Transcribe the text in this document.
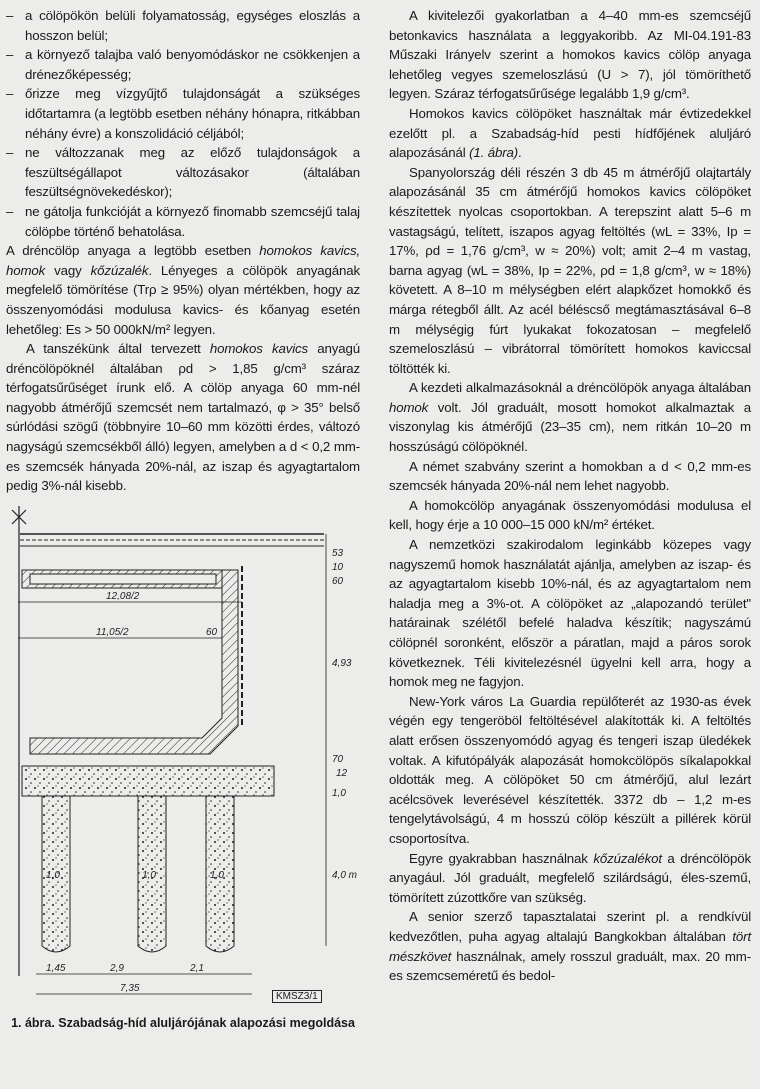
– a cölöpökön belüli folyamatosság, egységes eloszlás a hosszon belül;

– a környező talajba való benyomódáskor ne csökkenjen a drénezőképesség;

– őrizze meg vízgyűjtő tulajdonságát a szükséges időtartamra (a legtöbb esetben néhány hónapra, ritkábban néhány évre) a konszolidáció céljából;

– ne változzanak meg az előző tulajdonságok a feszültségállapot változásakor (általában feszültségnövekedéskor);

– ne gátolja funkcióját a környező finomabb szemcséjű talaj cölöpbe történő behatolása.

A dréncölöp anyaga a legtöbb esetben homokos kavics, homok vagy kőzúzalék. Lényeges a cölöpök anyagának megfelelő tömörítése (Trρ ≥ 95%) olyan mértékben, hogy az összenyomódási modulusa kavics- és kőanyag esetén lehetőleg: Es > 50 000kN/m² legyen.

A tanszékünk által tervezett homokos kavics anyagú dréncölöpöknél általában ρd > 1,85 g/cm³ száraz térfogatsűrűséget írunk elő. A cölöp anyaga 60 mm-nél nagyobb átmérőjű szemcsét nem tartalmazó, φ > 35° belső súrlódási szögű (többnyire 10–60 mm közötti érdes, változó nagyságú szemcsékből álló) legyen, amelyben a d < 0,2 mm-es szemcsék hányada 20%-nál, az iszap és agyagtartalom pedig 3%-nál kisebb.

53
10
60
12,08/2
11,05/2	60
4,93
70
12
1,0
1,0	1,0	1,0	4,0 m
1,45	2,9	2,1
7,35
KMSZ3/1
1. ábra. Szabadság-híd aluljárójának alapozási megoldása

A kivitelezői gyakorlatban a 4–40 mm-es szemcséjű betonkavics használata a leggyakoribb. Az MI-04.191-83 Műszaki Irányelv szerint a homokos kavics cölöp anyaga lehetőleg vegyes szemeloszlású (U > 7), jól tömöríthető legyen. Száraz térfogatsűrűsége legalább 1,9 g/cm³.

Homokos kavics cölöpöket használtak már évtizedekkel ezelőtt pl. a Szabadság-híd pesti hídfőjének aluljáró alapozásánál (1. ábra).

Spanyolország déli részén 3 db 45 m átmérőjű olajtartály alapozásánál 35 cm átmérőjű homokos kavics cölöpöket készítettek nyolcas csoportokban. A terepszint alatt 5–6 m vastagságú, telített, iszapos agyag feltöltés (wL = 33%, Ip = 17%, ρd = 1,76 g/cm³, w ≈ 20%) volt; amit 2–4 m vastag, barna agyag (wL = 38%, Ip = 22%, ρd = 1,8 g/cm³, w ≈ 18%) követett. A 8–10 m mélységben elért alapkőzet homokkő és márga rétegből állt. Az acél béléscső megtámasztásával 6–8 m mélységig fúrt lyukakat fokozatosan – megfelelő szemeloszlású – vibrátorral tömörített homokos kaviccsal töltötték ki.

A kezdeti alkalmazásoknál a dréncölöpök anyaga általában homok volt. Jól graduált, mosott homokot alkalmaztak a viszonylag kis átmérőjű (23–35 cm), nem ritkán 10–20 m hosszúságú cölöpöknél.

A német szabvány szerint a homokban a d < 0,2 mm-es szemcsék hányada 20%-nál nem lehet nagyobb.

A homokcölöp anyagának összenyomódási modulusa el kell, hogy érje a 10 000–15 000 kN/m² értéket.

A nemzetközi szakirodalom leginkább közepes vagy nagyszemű homok használatát ajánlja, amelyben az iszap- és az agyagtartalom kisebb 10%-nál, és az agyagtartalom nem haladja meg a 3%-ot. A cölöpöket az „alapozandó terület" határainak szélétől befelé haladva készítik; nagyszámú cölöpnél soronként, először a páratlan, majd a páros sorok következnek. Téli kivitelezésnél ügyelni kell arra, hogy a homok meg ne fagyjon.

New-York város La Guardia repülőterét az 1930-as évek végén egy tengeröböl feltöltésével alakították ki. A feltöltés alatt erősen összenyomódó agyag és tengeri iszap üledékek voltak. A kifutópályák alapozását homokcölöpös síkalapokkal oldották meg. A cölöpöket 50 cm átmérőjű, alul lezárt acélcsövek leverésével készítették. 3372 db – 1,2 m-es tengelytávolságú, 4 m hosszú cölöp készült a pillérek körül csoportosítva.

Egyre gyakrabban használnak kőzúzalékot a dréncölöpök anyagául. Jól graduált, megfelelő szilárdságú, éles-szemű, tömörített zúzottkőre van szükség.

A senior szerző tapasztalatai szerint pl. a rendkívül kedvezőtlen, puha agyag altalajú Bangkokban általában tört mészkövet használnak, amely rosszul graduált, max. 20 mm-es szemcseméretű és bedol-
